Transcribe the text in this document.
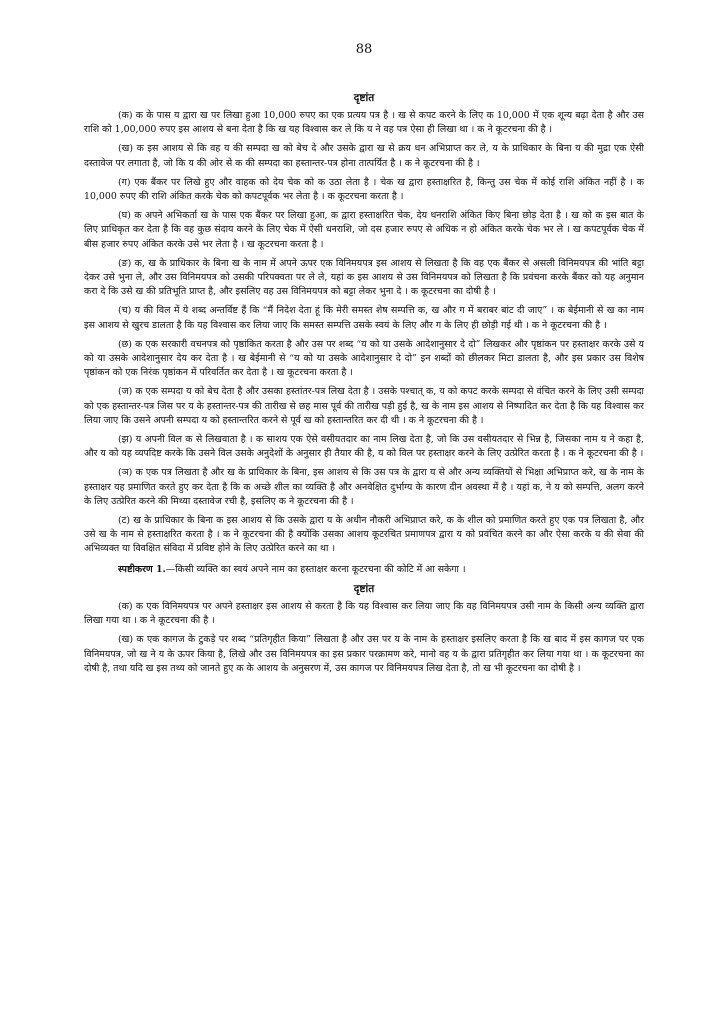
88
दृष्टांत

(क) क के पास य द्वारा ख पर लिखा हुआ 10,000 रुपए का एक प्रत्यय पत्र है । ख से कपट करने के लिए क 10,000 में एक शून्य बढ़ा देता है और उस राशि को 1,00,000 रुपए इस आशय से बना देता है कि ख यह विश्वास कर ले कि य ने वह पत्र ऐसा ही लिखा था । क ने कूटरचना की है ।

(ख) क इस आशय से कि वह य की सम्पदा ख को बेच दे और उसके द्वारा ख से क्रय धन अभिप्राप्त कर ले, य के प्राधिकार के बिना य की मुद्रा एक ऐसी दस्तावेज पर लगाता है, जो कि य की ओर से क की सम्पदा का हस्तान्तर-पत्र होना तात्पर्यित है । क ने कूटरचना की है ।

(ग) एक बैंकर पर लिखे हुए और वाहक को देय चेक को क उठा लेता है । चेक ख द्वारा हस्ताक्षरित है, किन्तु उस चेक में कोई राशि अंकित नहीं है । क 10,000 रुपए की राशि अंकित करके चेक को कपटपूर्वक भर लेता है । क कूटरचना करता है ।

(घ) क अपने अभिकर्ता ख के पास एक बैंकर पर लिखा हुआ, क द्वारा हस्ताक्षरित चेक, देय धनराशि अंकित किए बिना छोड़ देता है । ख को क इस बात के लिए प्राधिकृत कर देता है कि वह कुछ संदाय करने के लिए चेक में ऐसी धनराशि, जो दस हजार रुपए से अधिक न हो अंकित करके चेक भर ले । ख कपटपूर्वक चेक में बीस हजार रुपए अंकित करके उसे भर लेता है । ख कूटरचना करता है ।

(ङ) क, ख के प्राधिकार के बिना ख के नाम में अपने ऊपर एक विनिमयपत्र इस आशय से लिखता है कि वह एक बैंकर से असली विनिमयपत्र की भांति बट्टा देकर उसे भुना ले, और उस विनिमयपत्र को उसकी परिपक्वता पर ले ले, यहां क इस आशय से उस विनिमयपत्र को लिखता है कि प्रवंचना करके बैंकर को यह अनुमान करा दे कि उसे ख की प्रतिभूति प्राप्त है, और इसलिए वह उस विनिमयपत्र को बट्टा लेकर भुना दे । क कूटरचना का दोषी है ।

(च) य की विल में ये शब्द अन्तर्विष्ट हैं कि “मैं निदेश देता हूं कि मेरी समस्त शेष सम्पत्ति क, ख और ग में बराबर बांट दी जाए” । क बेईमानी से ख का नाम इस आशय से खुरच डालता है कि यह विश्वास कर लिया जाए कि समस्त सम्पत्ति उसके स्वयं के लिए और ग के लिए ही छोड़ी गई थी । क ने कूटरचना की है ।

(छ) क एक सरकारी वचनपत्र को पृष्ठांकित करता है और उस पर शब्द “य को या उसके आदेशानुसार दे दो” लिखकर और पृष्ठांकन पर हस्ताक्षर करके उसे य को या उसके आदेशानुसार देय कर देता है । ख बेईमानी से “य को या उसके आदेशानुसार दे दो” इन शब्दों को छीलकर मिटा डालता है, और इस प्रकार उस विशेष पृष्ठांकन को एक निरंक पृष्ठांकन में परिवर्तित कर देता है । ख कूटरचना करता है ।

(ज) क एक सम्पदा य को बेच देता है और उसका हस्तांतर-पत्र लिख देता है । उसके पश्चात् क, य को कपट करके सम्पदा से वंचित करने के लिए उसी सम्पदा को एक हस्तान्तर-पत्र जिस पर य के हस्तान्तर-पत्र की तारीख से छह मास पूर्व की तारीख पड़ी हुई है, ख के नाम इस आशय से निष्पादित कर देता है कि यह विश्वास कर लिया जाए कि उसने अपनी सम्पदा य को हस्तान्तरित करने से पूर्व ख को हस्तान्तरित कर दी थी । क ने कूटरचना की है ।

(झ) य अपनी विल क से लिखवाता है । क साशय एक ऐसे वसीयतदार का नाम लिख देता है, जो कि उस वसीयतदार से भिन्न है, जिसका नाम य ने कहा है, और य को यह व्यपदिष्ट करके कि उसने विल उसके अनुदेशों के अनुसार ही तैयार की है, य को विल पर हस्ताक्षर करने के लिए उत्प्रेरित करता है । क ने कूटरचना की है ।

(ञ) क एक पत्र लिखता है और ख के प्राधिकार के बिना, इस आशय से कि उस पत्र के द्वारा य से और अन्य व्यक्तियों से भिक्षा अभिप्राप्त करे, ख के नाम के हस्ताक्षर यह प्रमाणित करते हुए कर देता है कि क अच्छे शील का व्यक्ति है और अनवेक्षित दुर्भाग्य के कारण दीन अवस्था में है । यहां क, ने य को सम्पत्ति, अलग करने के लिए उत्प्रेरित करने की मिथ्या दस्तावेज रची है, इसलिए क ने कूटरचना की है ।

(ट) ख के प्राधिकार के बिना क इस आशय से कि उसके द्वारा य के अधीन नौकरी अभिप्राप्त करे, क के शील को प्रमाणित करते हुए एक पत्र लिखता है, और उसे ख के नाम से हस्ताक्षरित करता है । क ने कूटरचना की है क्योंकि उसका आशय कूटरचित प्रमाणपत्र द्वारा य को प्रवंचित करने का और ऐसा करके य की सेवा की अभिव्यक्त या विवक्षित संविदा में प्रविष्ट होने के लिए उत्प्रेरित करने का था ।

स्पष्टीकरण 1.—किसी व्यक्ति का स्वयं अपने नाम का हस्ताक्षर करना कूटरचना की कोटि में आ सकेगा ।

दृष्टांत

(क) क एक विनिमयपत्र पर अपने हस्ताक्षर इस आशय से करता है कि यह विश्वास कर लिया जाए कि वह विनिमयपत्र उसी नाम के किसी अन्य व्यक्ति द्वारा लिखा गया था । क ने कूटरचना की है ।

(ख) क एक कागज के टुकड़े पर शब्द “प्रतिगृहीत किया” लिखता है और उस पर य के नाम के हस्ताक्षर इसलिए करता है कि ख बाद में इस कागज पर एक विनिमयपत्र, जो ख ने य के ऊपर किया है, लिखे और उस विनिमयपत्र का इस प्रकार परक्रामण करे, मानो वह य के द्वारा प्रतिगृहीत कर लिया गया था । क कूटरचना का दोषी है, तथा यदि ख इस तथ्य को जानते हुए क के आशय के अनुसरण में, उस कागज पर विनिमयपत्र लिख देता है, तो ख भी कूटरचना का दोषी है ।
